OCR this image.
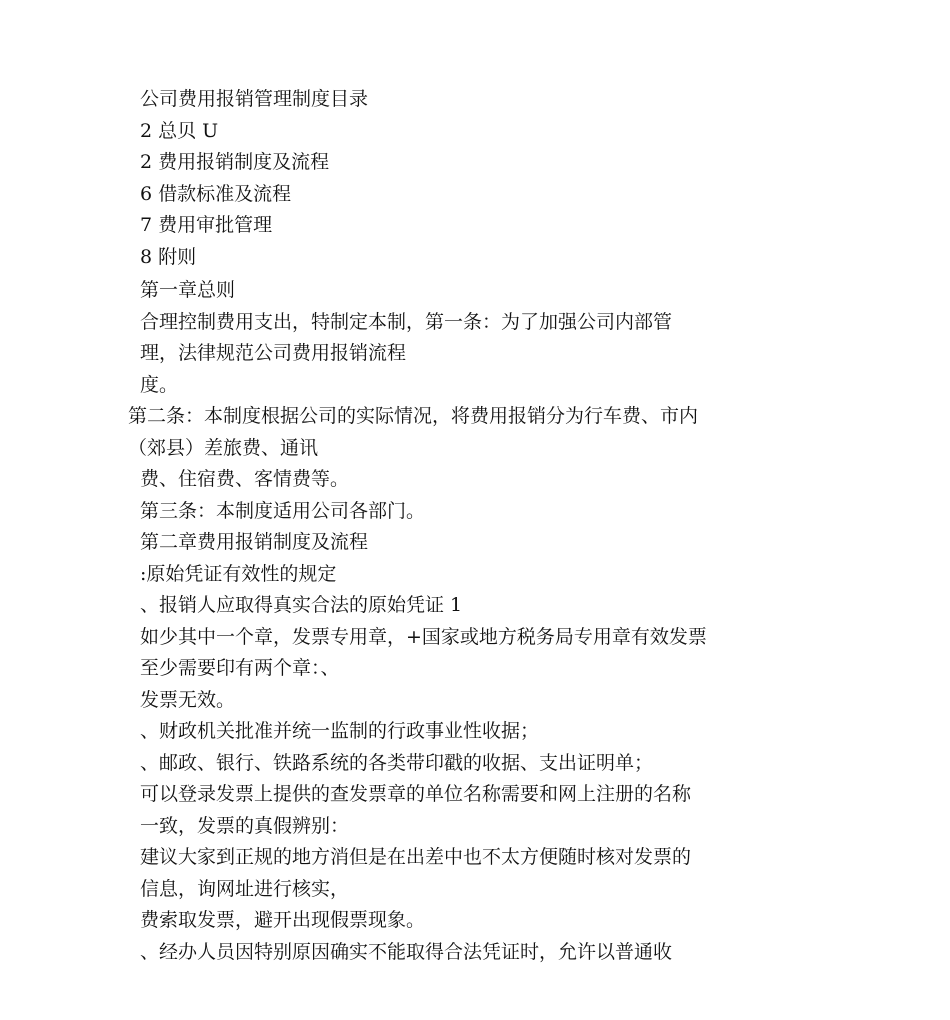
公司费用报销管理制度目录

2 总贝 U

2 费用报销制度及流程

6 借款标准及流程

7 费用审批管理

8 附则

第一章总则

合理控制费用支出，特制定本制，第一条：为了加强公司内部管理，法律规范公司费用报销流程

度。

第二条：本制度根据公司的实际情况，将费用报销分为行车费、市内（郊县）差旅费、通讯

费、住宿费、客情费等。

第三条：本制度适用公司各部门。

第二章费用报销制度及流程

:原始凭证有效性的规定

、报销人应取得真实合法的原始凭证 1

如少其中一个章，发票专用章，+国家或地方税务局专用章有效发票至少需要印有两个章：、

发票无效。

、财政机关批准并统一监制的行政事业性收据；

、邮政、银行、铁路系统的各类带印戳的收据、支出证明单；

可以登录发票上提供的查发票章的单位名称需要和网上注册的名称一致，发票的真假辨别：

建议大家到正规的地方消但是在出差中也不太方便随时核对发票的信息，询网址进行核实，

费索取发票，避开出现假票现象。

、经办人员因特别原因确实不能取得合法凭证时，允许以普通收
